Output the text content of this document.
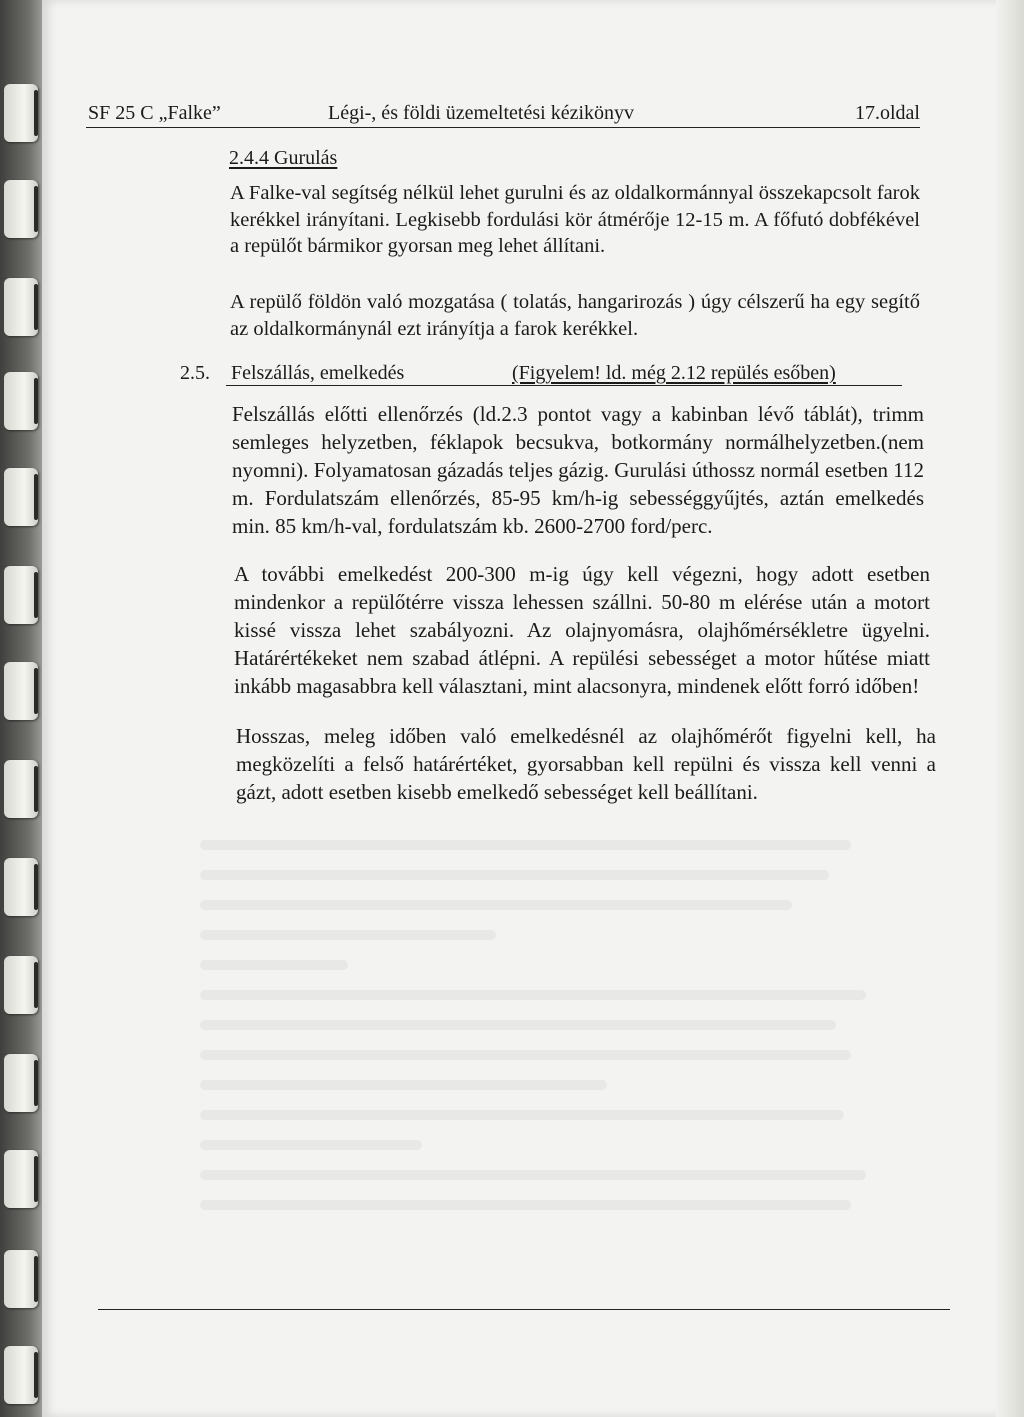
SF 25 C „Falke”	Légi-, és földi üzemeltetési kézikönyv	17.oldal
2.4.4 Gurulás

A Falke-val segítség nélkül lehet gurulni és az oldalkormánnyal összekapcsolt farok kerékkel irányítani. Legkisebb fordulási kör átmérője 12-15 m. A főfutó dobfékével a repülőt bármikor gyorsan meg lehet állítani.

A repülő földön való mozgatása ( tolatás, hangarirozás ) úgy célszerű ha egy segítő az oldalkormánynál ezt irányítja a farok kerékkel.

2.5. Felszállás, emelkedés	(Figyelem! ld. még 2.12 repülés esőben)

Felszállás előtti ellenőrzés (ld.2.3 pontot vagy a kabinban lévő táblát), trimm semleges helyzetben, féklapok becsukva, botkormány normálhelyzetben.(nem nyomni). Folyamatosan gázadás teljes gázig. Gurulási úthossz normál esetben 112 m. Fordulatszám ellenőrzés, 85-95 km/h-ig sebességgyűjtés, aztán emelkedés min. 85 km/h-val, fordulatszám kb. 2600-2700 ford/perc.

A további emelkedést 200-300 m-ig úgy kell végezni, hogy adott esetben mindenkor a repülőtérre vissza lehessen szállni. 50-80 m elérése után a motort kissé vissza lehet szabályozni. Az olajnyomásra, olajhőmérsékletre ügyelni. Határértékeket nem szabad átlépni. A repülési sebességet a motor hűtése miatt inkább magasabbra kell választani, mint alacsonyra, mindenek előtt forró időben!

Hosszas, meleg időben való emelkedésnél az olajhőmérőt figyelni kell, ha megközelíti a felső határértéket, gyorsabban kell repülni és vissza kell venni a gázt, adott esetben kisebb emelkedő sebességet kell beállítani.
